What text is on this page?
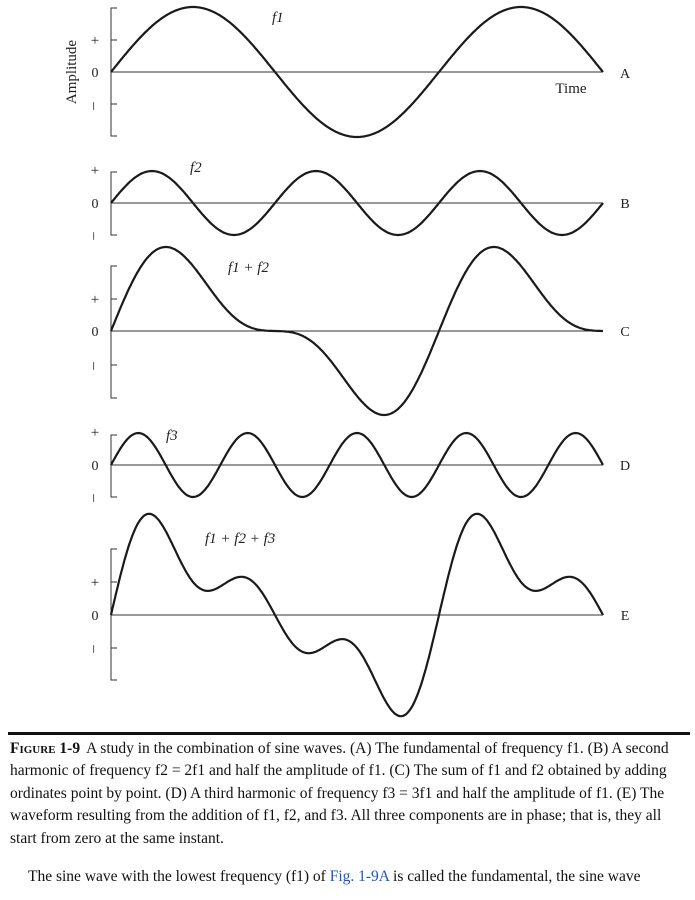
Amplitude +
0
–
f1
Time
A
+
0
–
f2
B
+
0
–
f1 + f2
C
+
0
–
f3
D
+
0
–
f1 + f2 + f3
E

Figure 1-9 A study in the combination of sine waves. (A) The fundamental of frequency f1. (B) A second harmonic of frequency f2 = 2f1 and half the amplitude of f1. (C) The sum of f1 and f2 obtained by adding ordinates point by point. (D) A third harmonic of frequency f3 = 3f1 and half the amplitude of f1. (E) The waveform resulting from the addition of f1, f2, and f3. All three components are in phase; that is, they all start from zero at the same instant.

The sine wave with the lowest frequency (f1) of Fig. 1-9A is called the fundamental, the sine wave
